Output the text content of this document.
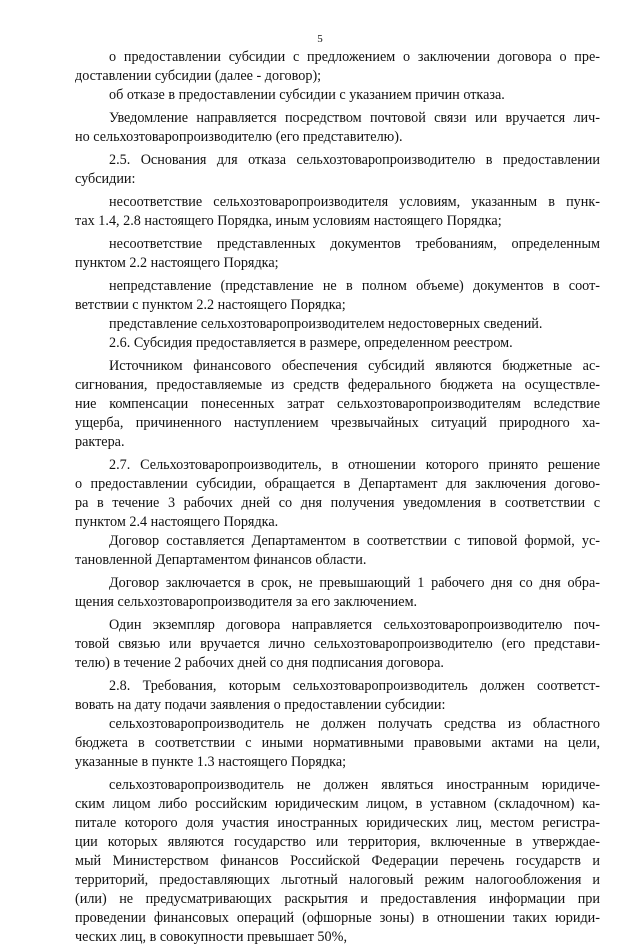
5
о предоставлении субсидии с предложением о заключении договора о пре-
доставлении субсидии (далее - договор);
об отказе в предоставлении субсидии с указанием причин отказа.
Уведомление направляется посредством почтовой связи или вручается лич-
но сельхозтоваропроизводителю (его представителю).
2.5. Основания для отказа сельхозтоваропроизводителю в предоставлении
субсидии:
несоответствие сельхозтоваропроизводителя условиям, указанным в пунк-
тах 1.4, 2.8 настоящего Порядка, иным условиям настоящего Порядка;
несоответствие представленных документов требованиям, определенным
пунктом 2.2 настоящего Порядка;
непредставление (представление не в полном объеме) документов в соот-
ветствии с пунктом 2.2 настоящего Порядка;
представление сельхозтоваропроизводителем недостоверных сведений.
2.6. Субсидия предоставляется в размере, определенном реестром.
Источником финансового обеспечения субсидий являются бюджетные ас-
сигнования, предоставляемые из средств федерального бюджета на осуществле-
ние компенсации понесенных затрат сельхозтоваропроизводителям вследствие
ущерба, причиненного наступлением чрезвычайных ситуаций природного ха-
рактера.
2.7. Сельхозтоваропроизводитель, в отношении которого принято решение
о предоставлении субсидии, обращается в Департамент для заключения догово-
ра в течение 3 рабочих дней со дня получения уведомления в соответствии с
пунктом 2.4 настоящего Порядка.
Договор составляется Департаментом в соответствии с типовой формой, ус-
тановленной Департаментом финансов области.
Договор заключается в срок, не превышающий 1 рабочего дня со дня обра-
щения сельхозтоваропроизводителя за его заключением.
Один экземпляр договора направляется сельхозтоваропроизводителю поч-
товой связью или вручается лично сельхозтоваропроизводителю (его представи-
телю) в течение 2 рабочих дней со дня подписания договора.
2.8. Требования, которым сельхозтоваропроизводитель должен соответст-
вовать на дату подачи заявления о предоставлении субсидии:
сельхозтоваропроизводитель не должен получать средства из областного
бюджета в соответствии с иными нормативными правовыми актами на цели,
указанные в пункте 1.3 настоящего Порядка;
сельхозтоваропроизводитель не должен являться иностранным юридиче-
ским лицом либо российским юридическим лицом, в уставном (складочном) ка-
питале которого доля участия иностранных юридических лиц, местом регистра-
ции которых являются государство или территория, включенные в утверждае-
мый Министерством финансов Российской Федерации перечень государств и
территорий, предоставляющих льготный налоговый режим налогообложения и
(или) не предусматривающих раскрытия и предоставления информации при
проведении финансовых операций (офшорные зоны) в отношении таких юриди-
ческих лиц, в совокупности превышает 50%,
